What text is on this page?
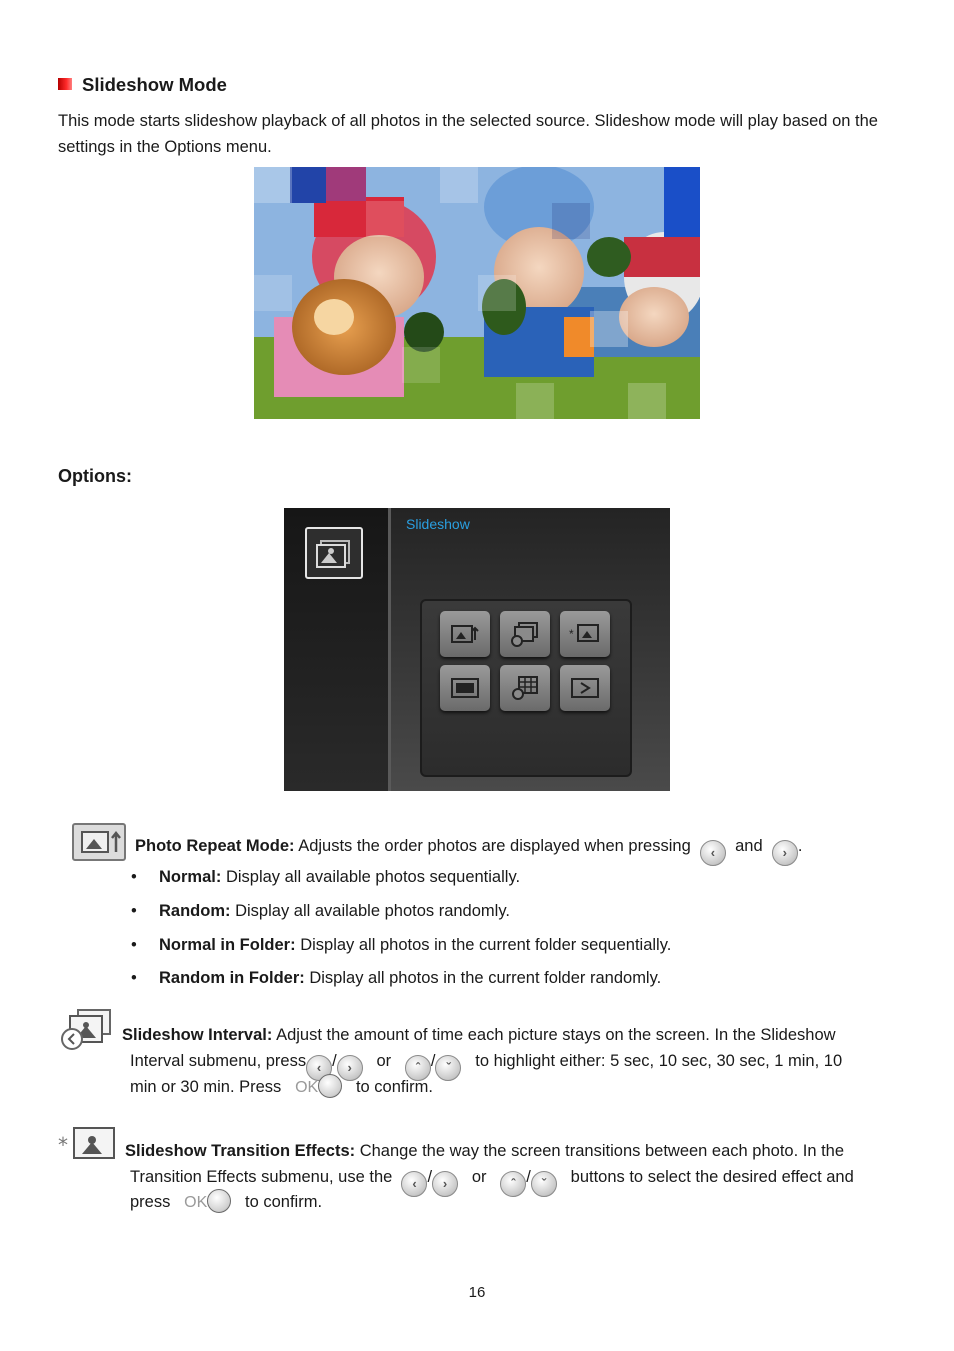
Slideshow Mode
This mode starts slideshow playback of all photos in the selected source. Slideshow mode will play based on the settings in the Options menu.
Options:
Slideshow
*
Photo Repeat Mode: Adjusts the order photos are displayed when pressing ‹ and › .
• Normal: Display all available photos sequentially.
• Random: Display all available photos randomly.
• Normal in Folder: Display all photos in the current folder sequentially.
• Random in Folder: Display all photos in the current folder randomly.
Slideshow Interval: Adjust the amount of time each picture stays on the screen. In the Slideshow
Interval submenu, press ‹ / › or ˆ / ˇ to highlight either: 5 sec, 10 sec, 30 sec, 1 min, 10
min or 30 min. Press OK to confirm.
*	Slideshow Transition Effects: Change the way the screen transitions between each photo. In the
Transition Effects submenu, use the ‹ / › or ˆ / ˇ buttons to select the desired effect and
press OK to confirm.
16
